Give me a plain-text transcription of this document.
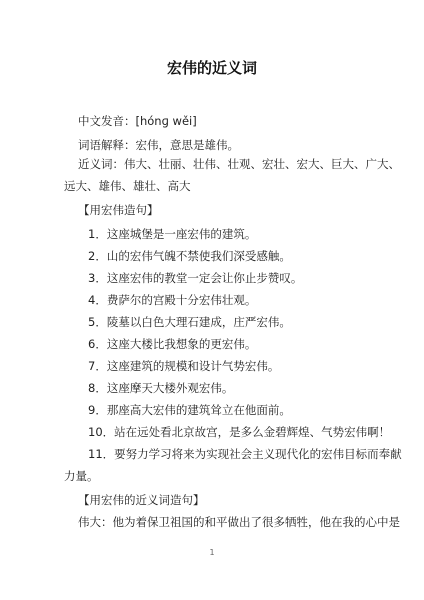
宏伟的近义词
中文发音：[hónɡ wěi]
词语解释：宏伟，意思是雄伟。
近义词：伟大、壮丽、壮伟、壮观、宏壮、宏大、巨大、广大、
远大、雄伟、雄壮、高大
【用宏伟造句】
1．这座城堡是一座宏伟的建筑。
2．山的宏伟气魄不禁使我们深受感触。
3．这座宏伟的教堂一定会让你止步赞叹。
4．费萨尔的宫殿十分宏伟壮观。
5．陵墓以白色大理石建成，庄严宏伟。
6．这座大楼比我想象的更宏伟。
7．这座建筑的规模和设计气势宏伟。
8．这座摩天大楼外观宏伟。
9．那座高大宏伟的建筑耸立在他面前。
10．站在远处看北京故宫，是多么金碧辉煌、气势宏伟啊！
11．要努力学习将来为实现社会主义现代化的宏伟目标而奉献
力量。
【用宏伟的近义词造句】
伟大：他为着保卫祖国的和平做出了很多牺牲，他在我的心中是
1
